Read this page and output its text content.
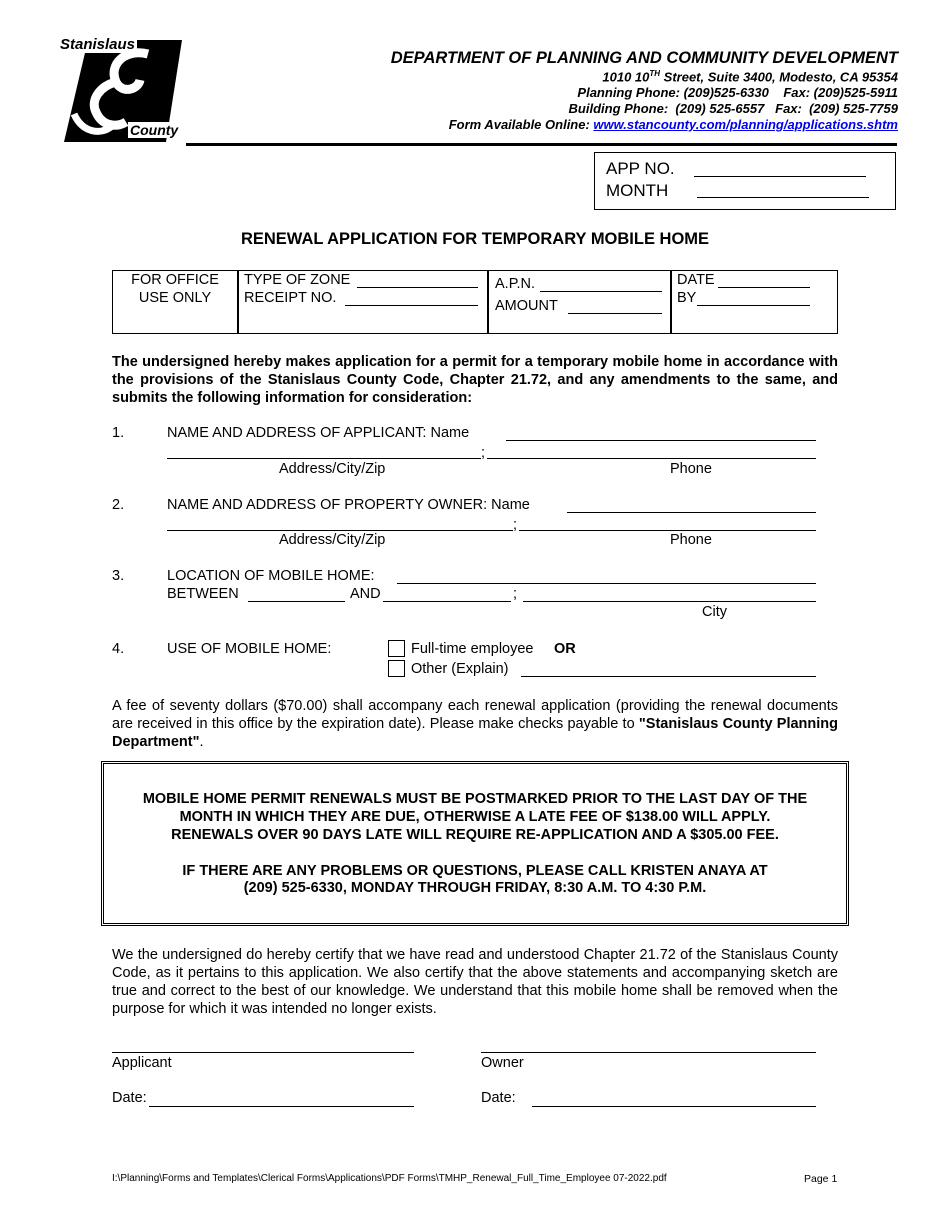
Stanislaus
County
DEPARTMENT OF PLANNING AND COMMUNITY DEVELOPMENT
1010 10TH Street, Suite 3400, Modesto, CA 95354
Planning Phone: (209)525-6330    Fax: (209)525-5911
Building Phone:  (209) 525-6557   Fax:  (209) 525-7759
Form Available Online: www.stancounty.com/planning/applications.shtm
APP NO.
MONTH
RENEWAL APPLICATION FOR TEMPORARY MOBILE HOME
FOR OFFICE
USE ONLY
TYPE OF ZONE
RECEIPT NO.
A.P.N.
AMOUNT
DATE
BY
The undersigned hereby makes application for a permit for a temporary mobile home in accordance with the provisions of the Stanislaus County Code, Chapter 21.72, and any amendments to the same, and submits the following information for consideration:
1.	NAME AND ADDRESS OF APPLICANT: Name
;
Address/City/Zip	Phone
2.	NAME AND ADDRESS OF PROPERTY OWNER: Name
;
Address/City/Zip	Phone
3.	LOCATION OF MOBILE HOME:
BETWEEN	AND	;
City
4.	USE OF MOBILE HOME:	Full-time employee OR
Other (Explain)
A fee of seventy dollars ($70.00) shall accompany each renewal application (providing the renewal documents are received in this office by the expiration date). Please make checks payable to "Stanislaus County Planning Department".
MOBILE HOME PERMIT RENEWALS MUST BE POSTMARKED PRIOR TO THE LAST DAY OF THE
MONTH IN WHICH THEY ARE DUE, OTHERWISE A LATE FEE OF $138.00 WILL APPLY.
RENEWALS OVER 90 DAYS LATE WILL REQUIRE RE-APPLICATION AND A $305.00 FEE.
IF THERE ARE ANY PROBLEMS OR QUESTIONS, PLEASE CALL KRISTEN ANAYA AT
(209) 525-6330, MONDAY THROUGH FRIDAY, 8:30 A.M. TO 4:30 P.M.
We the undersigned do hereby certify that we have read and understood Chapter 21.72 of the Stanislaus County Code, as it pertains to this application. We also certify that the above statements and accompanying sketch are true and correct to the best of our knowledge. We understand that this mobile home shall be removed when the purpose for which it was intended no longer exists.
Applicant	Owner
Date:	Date:
I:\Planning\Forms and Templates\Clerical Forms\Applications\PDF Forms\TMHP_Renewal_Full_Time_Employee 07-2022.pdf	Page 1
